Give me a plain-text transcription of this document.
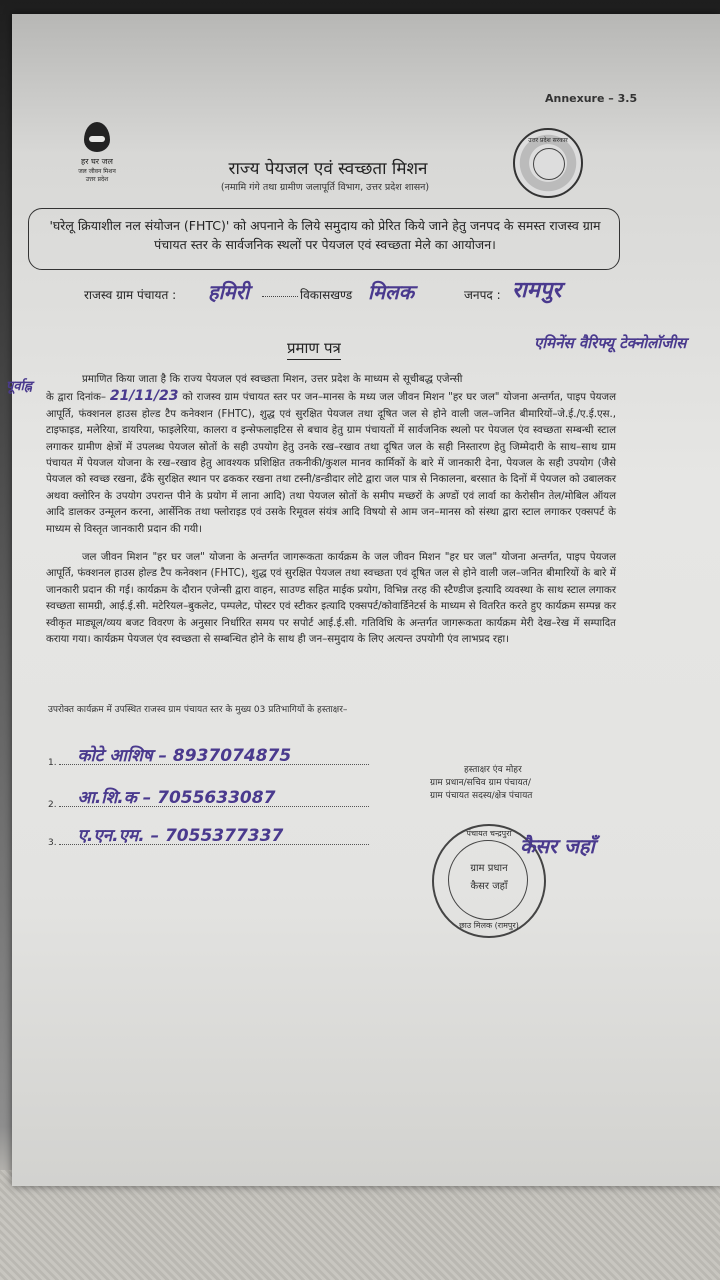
Annexure – 3.5
हर घर जल
जल जीवन मिशन
उत्तर प्रदेश
उत्तर प्रदेश सरकार
राज्य पेयजल एवं स्वच्छता मिशन
(नमामि गंगे तथा ग्रामीण जलापूर्ति विभाग, उत्तर प्रदेश शासन)
'घरेलू क्रियाशील नल संयोजन (FHTC)' को अपनाने के लिये समुदाय को प्रेरित किये जाने हेतु जनपद के समस्त राजस्व ग्राम पंचायत स्तर के सार्वजनिक स्थलों पर पेयजल एवं स्वच्छता मेले का आयोजन।
राजस्व ग्राम पंचायत : हमिरी	विकासखण्ड मिलक	जनपद : रामपुर
प्रमाण पत्र	एमिनेंस वैरिफ्यू टेक्नोलॉजीस
पूर्वाह्न	प्रमाणित किया जाता है कि राज्य पेयजल एवं स्वच्छता मिशन, उत्तर प्रदेश के माध्यम से सूचीबद्ध एजेन्सी  के द्वारा दिनांक– 21/11/23 को राजस्व ग्राम पंचायत स्तर पर जन–मानस के मध्य जल जीवन मिशन "हर घर जल" योजना अन्तर्गत, पाइप पेयजल आपूर्ति, फंक्शनल हाउस होल्ड टैप कनेक्शन (FHTC), शुद्ध एवं सुरक्षित पेयजल तथा दूषित जल से होने वाली जल–जनित बीमारियों–जे.ई./ए.ई.एस., टाइफाइड, मलेरिया, डायरिया, फाइलेरिया, कालरा व इन्सेफलाइटिस से बचाव हेतु ग्राम पंचायतों में सार्वजनिक स्थलो पर पेयजल एंव स्वच्छता सम्बन्धी स्टाल लगाकर ग्रामीण क्षेत्रों में उपलब्ध पेयजल स्रोतों के सही उपयोग हेतु उनके रख–रखाव तथा दूषित जल के सही निस्तारण हेतु जिम्मेदारी के साथ–साथ ग्राम पंचायत में पेयजल योजना के रख–रखाव हेतु आवश्यक प्रशिक्षित तकनीकी/कुशल मानव कार्मिकों के बारे में जानकारी देना, पेयजल के सही उपयोग (जैसे पेयजल को स्वच्छ रखना, ढँके सुरक्षित स्थान पर ढककर रखना तथा टस्नी/डन्डीदार लोटे द्वारा जल पात्र से निकालना, बरसात के दिनों में पेयजल को उबालकर अथवा क्लोरिन के उपयोग उपरान्त पीने के प्रयोग में लाना आदि) तथा पेयजल स्रोतों के समीप मच्छरों के अण्डों एवं लार्वा का केरोसीन तेल/मोबिल ऑयल आदि डालकर उन्मूलन करना, आर्सेनिक तथा फ्लोराइड एवं उसके रिमूवल संयंत्र आदि विषयो से आम जन–मानस को संस्था द्वारा स्टाल लगाकर एक्सपर्ट के माध्यम से विस्तृत जानकारी प्रदान की गयी।
जल जीवन मिशन "हर घर जल" योजना के अन्तर्गत जागरूकता कार्यक्रम के जल जीवन मिशन "हर घर जल" योजना अन्तर्गत, पाइप पेयजल आपूर्ति, फंक्शनल हाउस होल्ड टैप कनेक्शन (FHTC), शुद्ध एवं सुरक्षित पेयजल तथा स्वच्छता एवं दूषित जल से होने वाली जल–जनित बीमारियों के बारे में जानकारी प्रदान की गई। कार्यक्रम के दौरान एजेन्सी द्वारा वाहन, साउण्ड सहित माईक प्रयोग, विभिन्न तरह की स्टैण्डीज इत्यादि व्यवस्था के साथ स्टाल लगाकर स्वच्छता सामग्री, आई.ई.सी. मटेरियल–बुकलेट, पम्पलेट, पोस्टर एवं स्टीकर इत्यादि एक्सपर्ट/कोवार्डिनेटर्स के माध्यम से वितरित करते हुए कार्यक्रम सम्पन्न कर स्वीकृत माड्यूल/व्यय बजट विवरण के अनुसार निर्धारित समय पर सपोर्ट आई.ई.सी. गतिविधि के अन्तर्गत जागरूकता कार्यक्रम मेरी देख–रेख में सम्पादित कराया गया। कार्यक्रम पेयजल एंव स्वच्छता से सम्बन्धित होने के साथ ही जन–समुदाय के लिए अत्यन्त उपयोगी एंव लाभप्रद रहा।
उपरोक्त कार्यक्रम में उपस्थित राजस्व ग्राम पंचायत स्तर के मुख्य 03 प्रतिभागियों के हस्ताक्षर–
1. कोटे आशिष – 8937074875
2. आ.शि.क – 7055633087
3. ए.एन.एम. – 7055377337
हस्ताक्षर एंव मोहर
ग्राम प्रधान/सचिव ग्राम पंचायत/
ग्राम पंचायत सदस्य/क्षेत्र पंचायत
पंचायत चन्द्रपुरा
ग्राम प्रधान
कैसर जहाँ
छाउ मिलक (रामपुर)
कैसर जहाँ
